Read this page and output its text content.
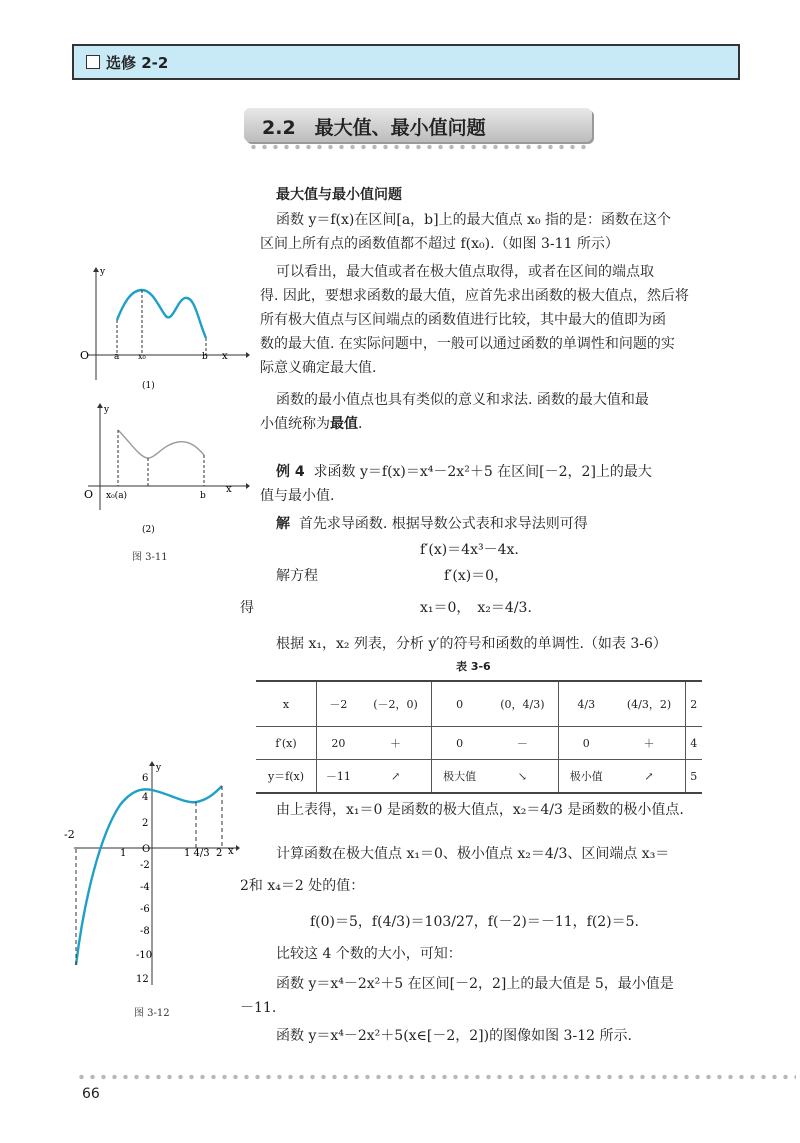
选修 2-2
2.2　最大值、最小值问题
最大值与最小值问题
函数 y＝f(x)在区间[a，b]上的最大值点 x₀ 指的是：函数在这个
区间上所有点的函数值都不超过 f(x₀).（如图 3-11 所示）
可以看出，最大值或者在极大值点取得，或者在区间的端点取
得. 因此，要想求函数的最大值，应首先求出函数的极大值点，然后将
所有极大值点与区间端点的函数值进行比较，其中最大的值即为函
数的最大值. 在实际问题中，一般可以通过函数的单调性和问题的实
际意义确定最大值.
函数的最小值点也具有类似的意义和求法. 函数的最大值和最
小值统称为最值.
例 4 求函数 y＝f(x)＝x⁴－2x²＋5 在区间[－2，2]上的最大
值与最小值.
解 首先求导函数. 根据导数公式表和求导法则可得
f′(x)＝4x³－4x.
解方程	f′(x)＝0，
得	x₁＝0，　x₂＝4/3.
根据 x₁，x₂ 列表，分析 y′的符号和函数的单调性.（如表 3-6）
表 3-6
x	－2	(－2，0)	0	(0，4/3)	4/3	(4/3，2)	2
f′(x)	20	＋	0	－	0	＋	4
y＝f(x)	－11	↗	极大值	↘	极小值	↗	5
由上表得，x₁＝0 是函数的极大值点，x₂＝4/3 是函数的极小值点.
计算函数在极大值点 x₁＝0、极小值点 x₂＝4/3、区间端点 x₃＝
2和 x₄＝2 处的值：
f(0)＝5，f(4/3)＝103/27，f(－2)＝－11，f(2)＝5.
比较这 4 个数的大小，可知：
函数 y＝x⁴－2x²＋5 在区间[－2，2]上的最大值是 5，最小值是
－11.
函数 y＝x⁴－2x²＋5(x∈[－2，2])的图像如图 3-12 所示.
O
y
x
a x₀	b
(1)
O
y
x
x₀(a)	b
(2)
图 3-11
y
x
O
6
4
2
-2
-4
-6
-8
-10
12
-2
1	1 4/3 2
图 3-12
66
